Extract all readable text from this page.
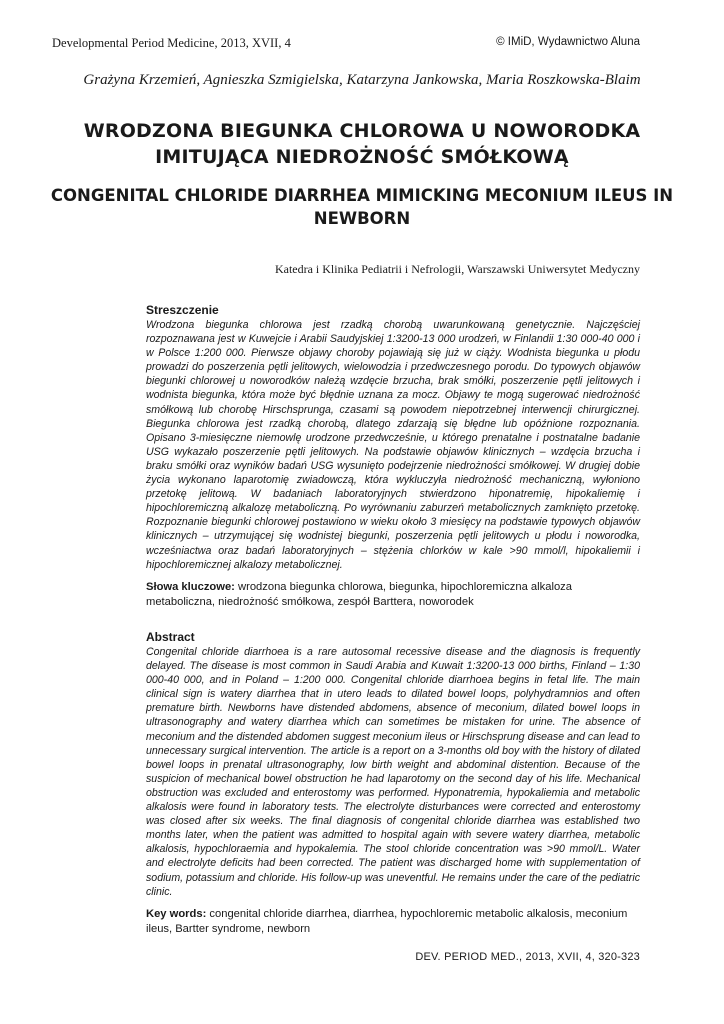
Developmental Period Medicine, 2013, XVII, 4	© IMiD, Wydawnictwo Aluna
Grażyna Krzemień, Agnieszka Szmigielska, Katarzyna Jankowska, Maria Roszkowska-Blaim
WRODZONA BIEGUNKA CHLOROWA U NOWORODKA IMITUJĄCA NIEDROŻNOŚĆ SMÓŁKOWĄ
CONGENITAL CHLORIDE DIARRHEA MIMICKING MECONIUM ILEUS IN NEWBORN
Katedra i Klinika Pediatrii i Nefrologii, Warszawski Uniwersytet Medyczny

Streszczenie

Wrodzona biegunka chlorowa jest rzadką chorobą uwarunkowaną genetycznie. Najczęściej rozpoznawana jest w Kuwejcie i Arabii Saudyjskiej 1:3200-13 000 urodzeń, w Finlandii 1:30 000-40 000 i w Polsce 1:200 000. Pierwsze objawy choroby pojawiają się już w ciąży. Wodnista biegunka u płodu prowadzi do poszerzenia pętli jelitowych, wielowodzia i przedwczesnego porodu. Do typowych objawów biegunki chlorowej u noworodków należą wzdęcie brzucha, brak smółki, poszerzenie pętli jelitowych i wodnista biegunka, która może być błędnie uznana za mocz. Objawy te mogą sugerować niedrożność smółkową lub chorobę Hirschsprunga, czasami są powodem niepotrzebnej interwencji chirurgicznej. Biegunka chlorowa jest rzadką chorobą, dlatego zdarzają się błędne lub opóźnione rozpoznania. Opisano 3-miesięczne niemowlę urodzone przedwcześnie, u którego prenatalne i postnatalne badanie USG wykazało poszerzenie pętli jelitowych. Na podstawie objawów klinicznych – wzdęcia brzucha i braku smółki oraz wyników badań USG wysunięto podejrzenie niedrożności smółkowej. W drugiej dobie życia wykonano laparotomię zwiadowczą, która wykluczyła niedrożność mechaniczną, wyłoniono przetokę jelitową. W badaniach laboratoryjnych stwierdzono hiponatremię, hipokaliemię i hipochloremiczną alkalozę metaboliczną. Po wyrównaniu zaburzeń metabolicznych zamknięto przetokę. Rozpoznanie biegunki chlorowej postawiono w wieku około 3 miesięcy na podstawie typowych objawów klinicznych – utrzymującej się wodnistej biegunki, poszerzenia pętli jelitowych u płodu i noworodka, wcześniactwa oraz badań laboratoryjnych – stężenia chlorków w kale >90 mmol/l, hipokaliemii i hipochloremicznej alkalozy metabolicznej.

Słowa kluczowe: wrodzona biegunka chlorowa, biegunka, hipochloremiczna alkaloza metaboliczna, niedrożność smółkowa, zespół Barttera, noworodek

Abstract

Congenital chloride diarrhoea is a rare autosomal recessive disease and the diagnosis is frequently delayed. The disease is most common in Saudi Arabia and Kuwait 1:3200-13 000 births, Finland – 1:30 000-40 000, and in Poland – 1:200 000. Congenital chloride diarrhoea begins in fetal life. The main clinical sign is watery diarrhea that in utero leads to dilated bowel loops, polyhydramnios and often premature birth. Newborns have distended abdomens, absence of meconium, dilated bowel loops in ultrasonography and watery diarrhea which can sometimes be mistaken for urine. The absence of meconium and the distended abdomen suggest meconium ileus or Hirschsprung disease and can lead to unnecessary surgical intervention. The article is a report on a 3-months old boy with the history of dilated bowel loops in prenatal ultrasonography, low birth weight and abdominal distention. Because of the suspicion of mechanical bowel obstruction he had laparotomy on the second day of his life. Mechanical obstruction was excluded and enterostomy was performed. Hyponatremia, hypokaliemia and metabolic alkalosis were found in laboratory tests. The electrolyte disturbances were corrected and enterostomy was closed after six weeks. The final diagnosis of congenital chloride diarrhea was established two months later, when the patient was admitted to hospital again with severe watery diarrhea, metabolic alkalosis, hypochloraemia and hypokalemia. The stool chloride concentration was >90 mmol/L. Water and electrolyte deficits had been corrected. The patient was discharged home with supplementation of sodium, potassium and chloride. His follow-up was uneventful. He remains under the care of the pediatric clinic.

Key words: congenital chloride diarrhea, diarrhea, hypochloremic metabolic alkalosis, meconium ileus, Bartter syndrome, newborn

DEV. PERIOD MED., 2013, XVII, 4, 320-323
